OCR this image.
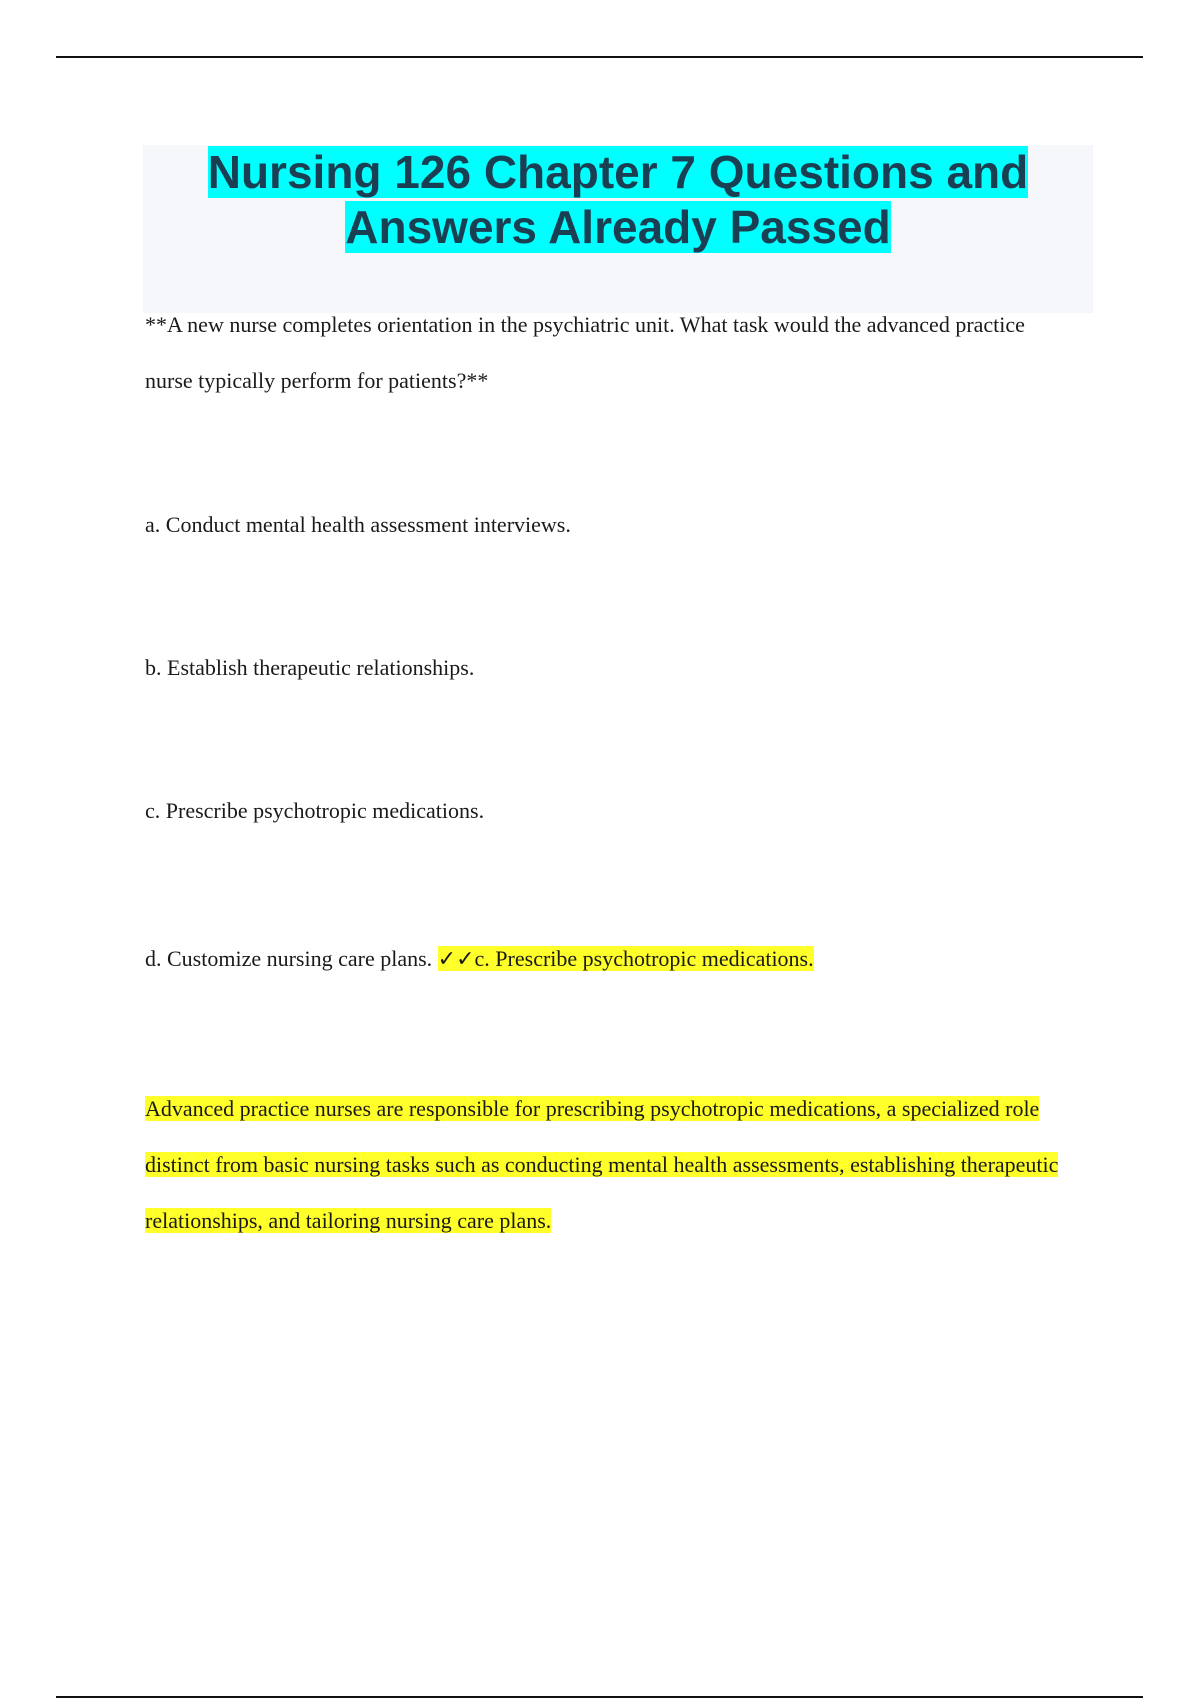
Nursing 126 Chapter 7 Questions and Answers Already Passed
**A new nurse completes orientation in the psychiatric unit. What task would the advanced practice nurse typically perform for patients?**
a. Conduct mental health assessment interviews.
b. Establish therapeutic relationships.
c. Prescribe psychotropic medications.
d. Customize nursing care plans. ✓✓c. Prescribe psychotropic medications.
Advanced practice nurses are responsible for prescribing psychotropic medications, a specialized role distinct from basic nursing tasks such as conducting mental health assessments, establishing therapeutic relationships, and tailoring nursing care plans.
